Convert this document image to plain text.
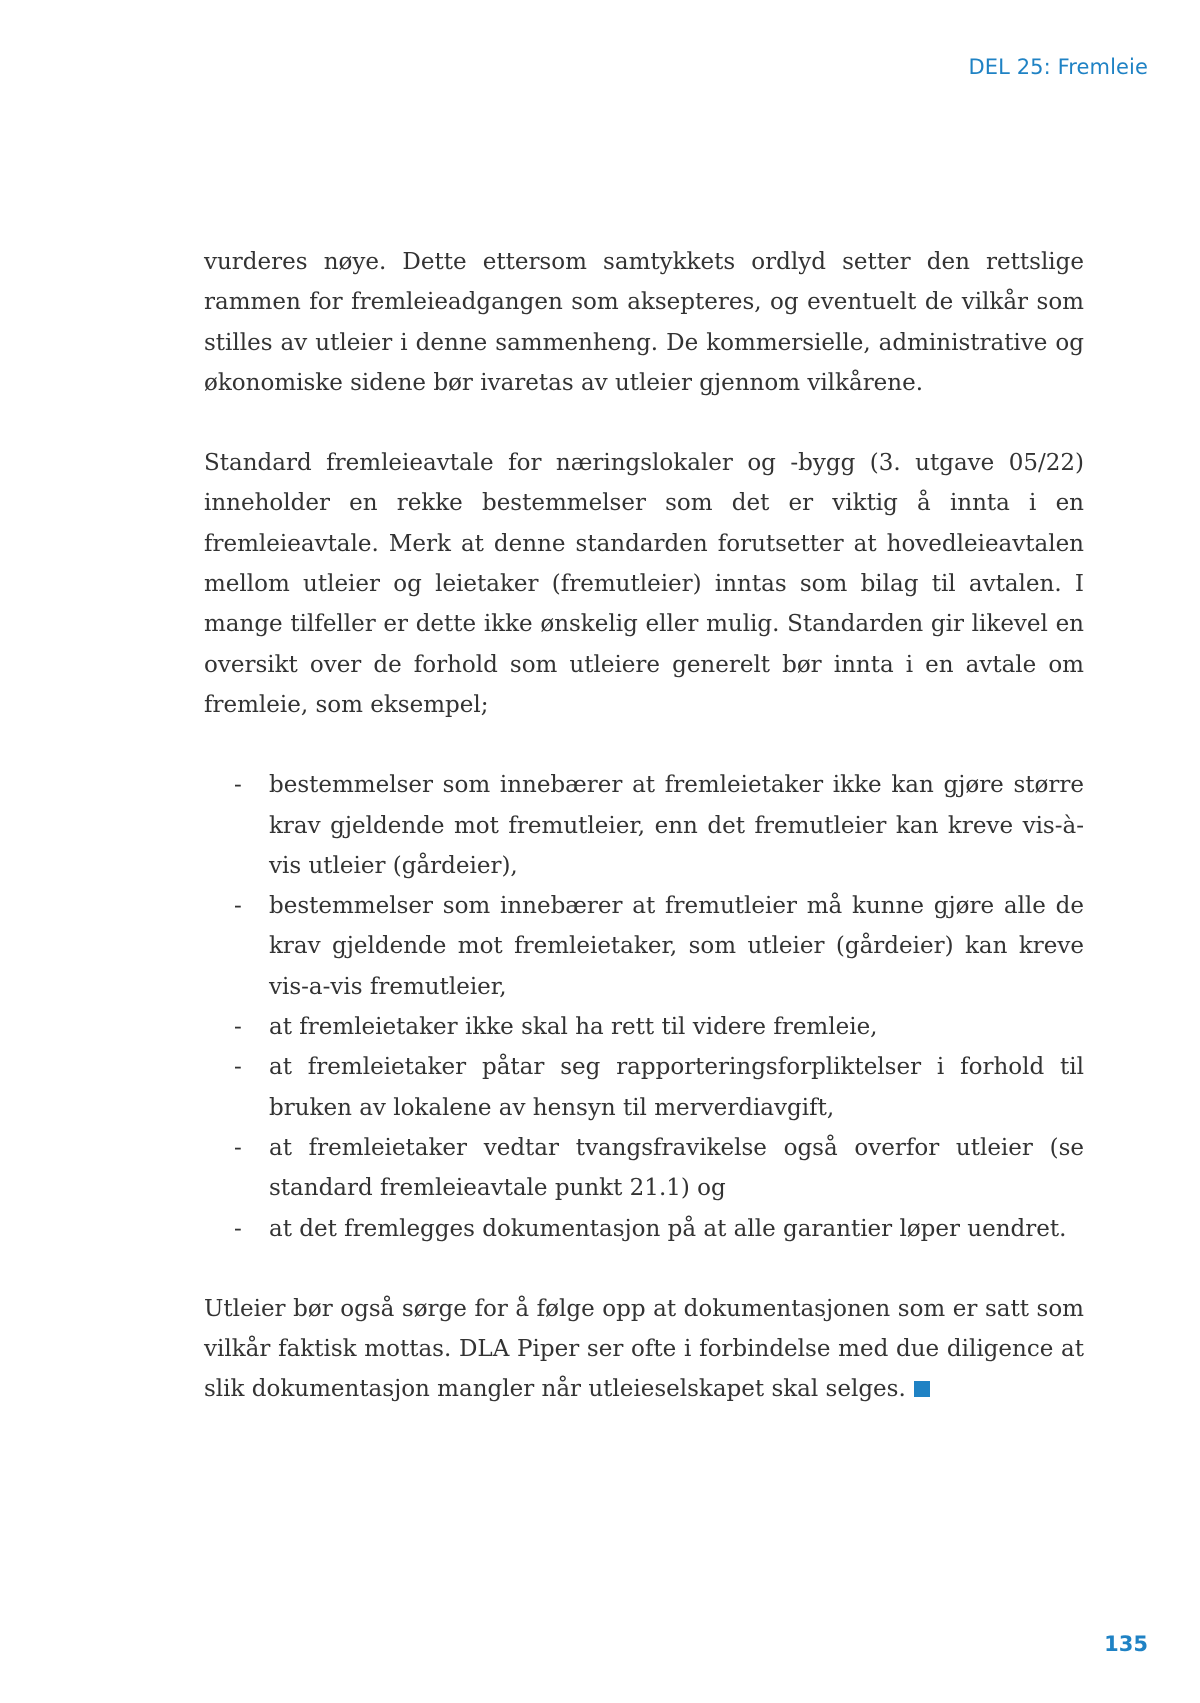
DEL 25: Fremleie

vurderes nøye. Dette ettersom samtykkets ordlyd setter den rettslige rammen for fremleieadgangen som aksepteres, og eventuelt de vilkår som stilles av utleier i denne sammenheng. De kommersielle, administrative og økonomiske sidene bør ivaretas av utleier gjennom vilkårene.

Standard fremleieavtale for næringslokaler og -bygg (3. utgave 05/22) inneholder en rekke bestemmelser som det er viktig å innta i en fremleieavtale. Merk at denne standarden forutsetter at hovedleieavtalen mellom utleier og leietaker (fremutleier) inntas som bilag til avtalen. I mange tilfeller er dette ikke ønskelig eller mulig. Standarden gir likevel en oversikt over de forhold som utleiere generelt bør innta i en avtale om fremleie, som eksempel;

- bestemmelser som innebærer at fremleietaker ikke kan gjøre større krav gjeldende mot fremutleier, enn det fremutleier kan kreve vis-à-vis utleier (gårdeier),
- bestemmelser som innebærer at fremutleier må kunne gjøre alle de krav gjeldende mot fremleietaker, som utleier (gårdeier) kan kreve vis-a-vis fremutleier,
- at fremleietaker ikke skal ha rett til videre fremleie,
- at fremleietaker påtar seg rapporteringsforpliktelser i forhold til bruken av lokalene av hensyn til merverdiavgift,
- at fremleietaker vedtar tvangsfravikelse også overfor utleier (se standard fremleieavtale punkt 21.1) og
- at det fremlegges dokumentasjon på at alle garantier løper uendret.

Utleier bør også sørge for å følge opp at dokumentasjonen som er satt som vilkår faktisk mottas. DLA Piper ser ofte i forbindelse med due diligence at slik dokumentasjon mangler når utleieselskapet skal selges.

135
